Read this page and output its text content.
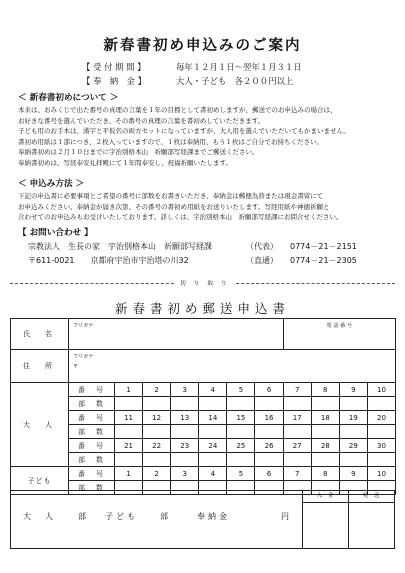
新春書初め申込みのご案内
【 受 付 期 間 】	毎年１２月１日～翌年１月３１日
【 奉　納　金 】	大人・子ども　各２００円以上
＜ 新春書初めについて ＞

本来は、おみくじで出た番号の真理の言葉を１年の目標として書初めしますが、郵送でのお申込みの場合は、

お好きな番号を選んでいただき、その番号の真理の言葉を書初めしていただきます。

子ども用のお手本は、漢字と平仮名の両方セットになっていますが、大人用を選んでいただいてもかまいません。

書初め用紙は１部につき、２枚入っていますので、１枚は奉納用、もう１枚はご自分でお持ちください。

奉納書初めは２月１０日までに宇治別格本山　祈願部写経課までご郵送ください。

奉納書初めは、写経奉安礼拝殿にて１年間奉安し、祝福祈願いたします。

＜ 申込み方法 ＞

下記の申込書に必要事項とご希望の番号に部数をお書きいただき、奉納金は郵便為替または現金書留にて

お申込みください。奉納金が届き次第、その番号の書初め用紙をお送りいたします。写経用紙や神徳祈願と

合わせてのお申込みもお受けいたしております。詳しくは、宇治別格本山　祈願部写経課にお問合せください。

【 お問い合わせ 】
宗教法人　生長の家　宇治別格本山　祈願部写経課
〒611-0021　　京都府宇治市宇治塔の川32
（代表） 0774－21－2151
（直通） 0774－21－2305
切 り 取 り
新春書初め郵送申込書
氏　名	フリガナ							電 話 番 号			
住　所	フリガナ
〒										
大　人	番　号	1	2	3	4	5	6	7	8	9	10
	部　数										
	番　号	11	12	13	14	15	16	17	18	19	20
	部　数										
	番　号	21	22	23	24	25	26	27	28	29	30
	部　数										
子ども	番　号	1	2	3	4	5	6	7	8	9	10
	部　数										
大　人　　部 子ども　　部	奉納金	円
入 金	発 送
